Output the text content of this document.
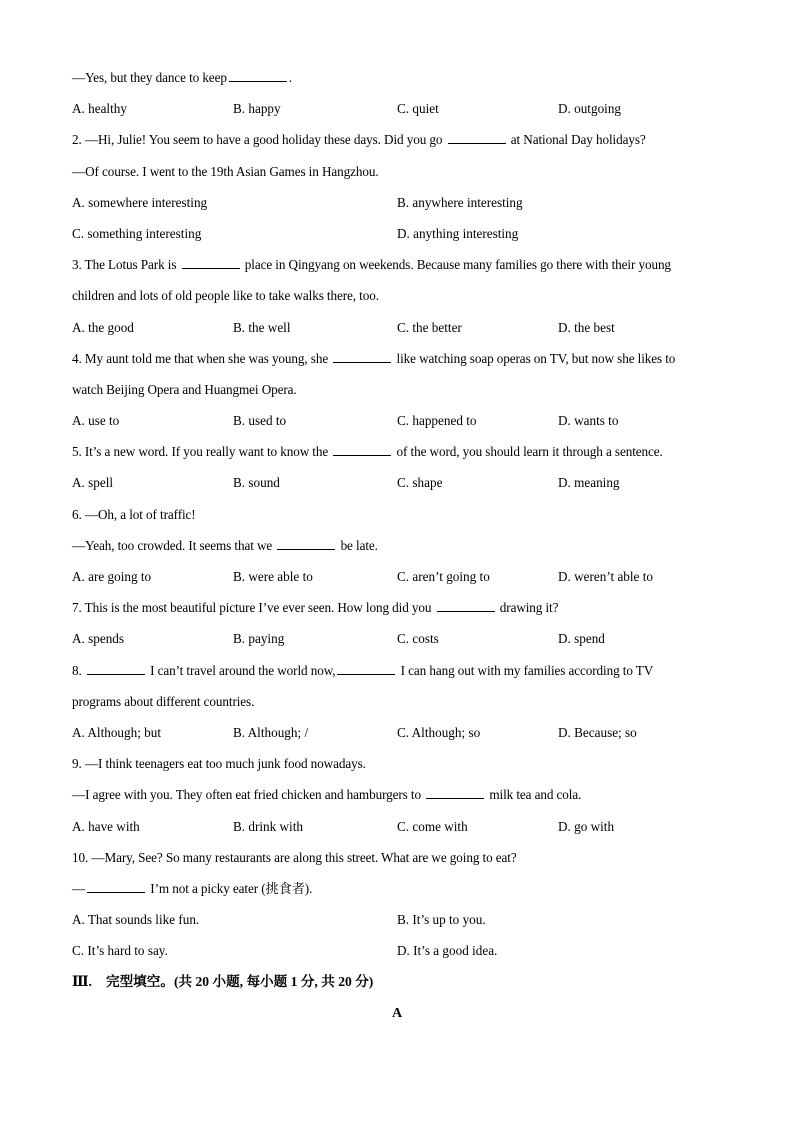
—Yes, but they dance to keep	.
A. healthy	B. happy	C. quiet	D. outgoing
2. —Hi, Julie! You seem to have a good holiday these days. Did you go	at National Day holidays?
—Of course. I went to the 19th Asian Games in Hangzhou.
A. somewhere interesting	B. anywhere interesting
C. something interesting	D. anything interesting
3. The Lotus Park is	place in Qingyang on weekends. Because many families go there with their young
children and lots of old people like to take walks there, too.
A. the good	B. the well	C. the better	D. the best
4. My aunt told me that when she was young, she	like watching soap operas on TV, but now she likes to
watch Beijing Opera and Huangmei Opera.
A. use to	B. used to	C. happened to	D. wants to
5. It’s a new word. If you really want to know the	of the word, you should learn it through a sentence.
A. spell	B. sound	C. shape	D. meaning
6. —Oh, a lot of traffic!
—Yeah, too crowded. It seems that we	be late.
A. are going to	B. were able to	C. aren’t going to	D. weren’t able to
7. This is the most beautiful picture I’ve ever seen. How long did you	drawing it?
A. spends	B. paying	C. costs	D. spend
8.	I can’t travel around the world now,	I can hang out with my families according to TV
programs about different countries.
A. Although; but	B. Although; /	C. Although; so	D. Because; so
9. —I think teenagers eat too much junk food nowadays.
—I agree with you. They often eat fried chicken and hamburgers to	milk tea and cola.
A. have with	B. drink with	C. come with	D. go with
10. —Mary, See? So many restaurants are along this street. What are we going to eat?
—	I’m not a picky eater (挑食者).
A. That sounds like fun.	B. It’s up to you.
C. It’s hard to say.	D. It’s a good idea.
Ⅲ. 完型填空。(共 20 小题, 每小题 1 分, 共 20 分)
A
